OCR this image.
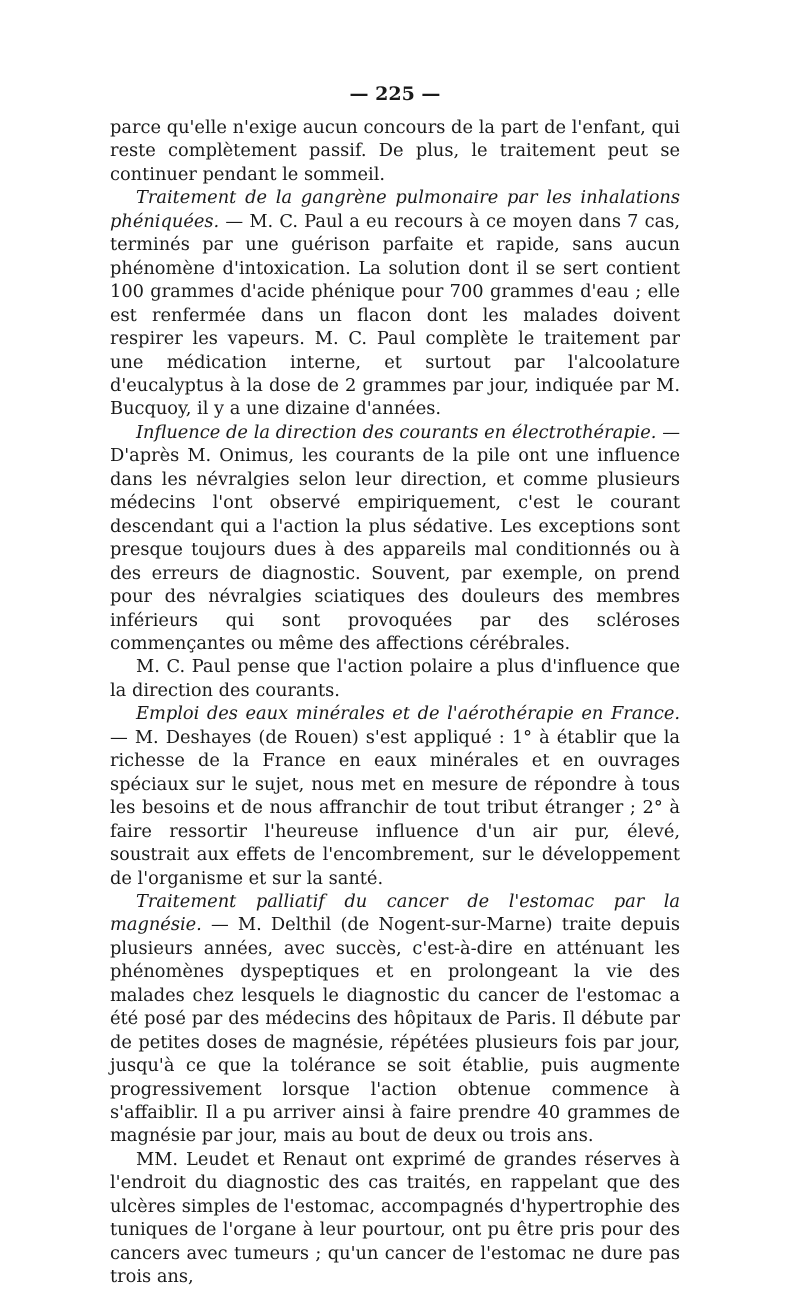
— 225 —

parce qu'elle n'exige aucun concours de la part de l'enfant, qui reste complètement passif. De plus, le traitement peut se continuer pendant le sommeil.

Traitement de la gangrène pulmonaire par les inhalations phéniquées. — M. C. Paul a eu recours à ce moyen dans 7 cas, terminés par une guérison parfaite et rapide, sans aucun phénomène d'intoxication. La solution dont il se sert contient 100 grammes d'acide phénique pour 700 grammes d'eau ; elle est renfermée dans un flacon dont les malades doivent respirer les vapeurs. M. C. Paul complète le traitement par une médication interne, et surtout par l'alcoolature d'eucalyptus à la dose de 2 grammes par jour, indiquée par M. Bucquoy, il y a une dizaine d'années.

Influence de la direction des courants en électrothérapie. — D'après M. Onimus, les courants de la pile ont une influence dans les névralgies selon leur direction, et comme plusieurs médecins l'ont observé empiriquement, c'est le courant descendant qui a l'action la plus sédative. Les exceptions sont presque toujours dues à des appareils mal conditionnés ou à des erreurs de diagnostic. Souvent, par exemple, on prend pour des névralgies sciatiques des douleurs des membres inférieurs qui sont provoquées par des scléroses commençantes ou même des affections cérébrales.

M. C. Paul pense que l'action polaire a plus d'influence que la direction des courants.

Emploi des eaux minérales et de l'aérothérapie en France. — M. Deshayes (de Rouen) s'est appliqué : 1° à établir que la richesse de la France en eaux minérales et en ouvrages spéciaux sur le sujet, nous met en mesure de répondre à tous les besoins et de nous affranchir de tout tribut étranger ; 2° à faire ressortir l'heureuse influence d'un air pur, élevé, soustrait aux effets de l'encombrement, sur le développement de l'organisme et sur la santé.

Traitement palliatif du cancer de l'estomac par la magnésie. — M. Delthil (de Nogent-sur-Marne) traite depuis plusieurs années, avec succès, c'est-à-dire en atténuant les phénomènes dyspeptiques et en prolongeant la vie des malades chez lesquels le diagnostic du cancer de l'estomac a été posé par des médecins des hôpitaux de Paris. Il débute par de petites doses de magnésie, répétées plusieurs fois par jour, jusqu'à ce que la tolérance se soit établie, puis augmente progressivement lorsque l'action obtenue commence à s'affaiblir. Il a pu arriver ainsi à faire prendre 40 grammes de magnésie par jour, mais au bout de deux ou trois ans.

MM. Leudet et Renaut ont exprimé de grandes réserves à l'endroit du diagnostic des cas traités, en rappelant que des ulcères simples de l'estomac, accompagnés d'hypertrophie des tuniques de l'organe à leur pourtour, ont pu être pris pour des cancers avec tumeurs ; qu'un cancer de l'estomac ne dure pas trois ans,
